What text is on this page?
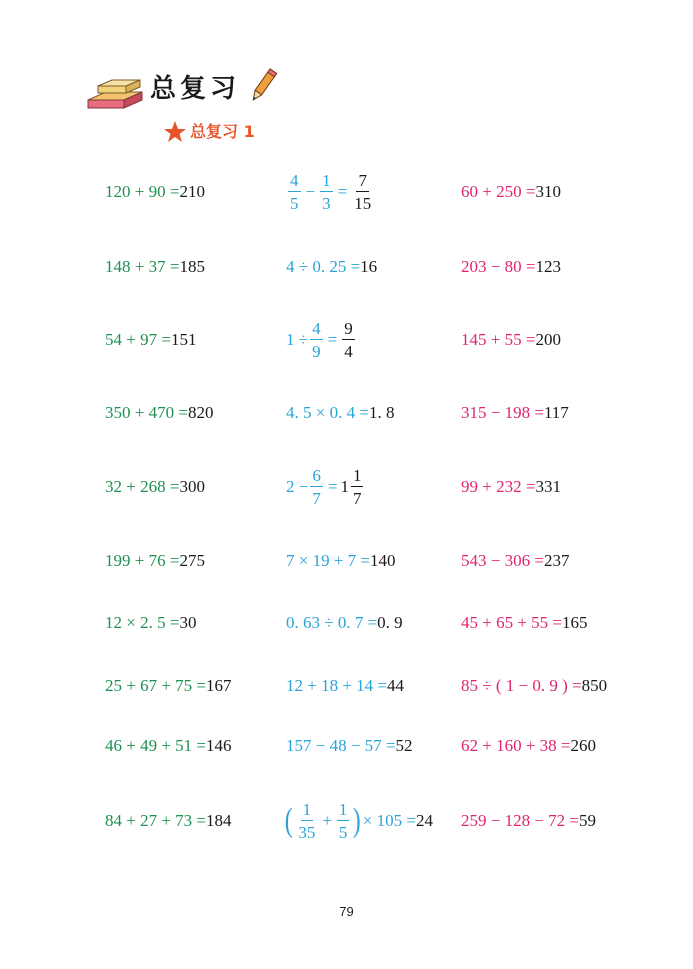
总复习
总复习 1
120 + 90 = 210
148 + 37 = 185
54 + 97 = 151
350 + 470 = 820
32 + 268 = 300
199 + 76 = 275
12 × 2. 5 = 30
25 + 67 + 75 = 167
46 + 49 + 51 = 146
84 + 27 + 73 = 184
$\frac{4}{5} - \frac{1}{3} = \frac{7}{15}$
4 ÷ 0. 25 = 16
$1 \div \frac{4}{9} = \frac{9}{4}$
4. 5 × 0. 4 = 1. 8
$2 - \frac{6}{7} = 1 \frac{1}{7}$
7 × 19 + 7 = 140
0. 63 ÷ 0. 7 = 0. 9
12 + 18 + 14 = 44
157 − 48 − 57 = 52
( $\frac{1}{35} + \frac{1}{5}$ ) × 105 = 24
60 + 250 = 310
203 − 80 = 123
145 + 55 = 200
315 − 198 = 117
99 + 232 = 331
543 − 306 = 237
45 + 65 + 55 = 165
85 ÷ ( 1 − 0. 9 ) = 850
62 + 160 + 38 = 260
259 − 128 − 72 = 59
79
